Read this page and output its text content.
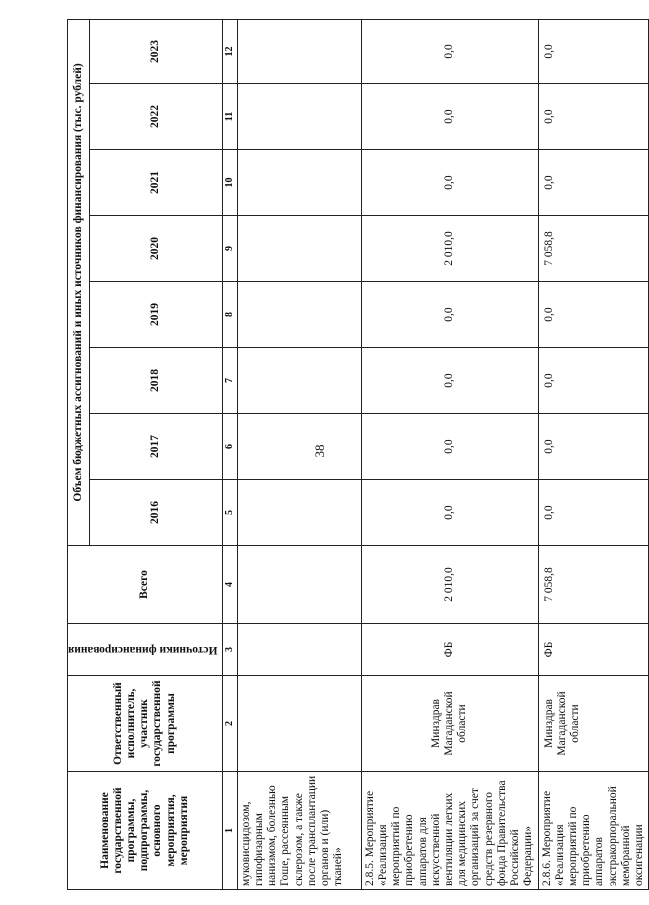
38
Наименование государственной программы, подпрограммы, основного мероприятия, мероприятия	Ответственный исполнитель, участник государственной программы	Источники финансирования	Всего	Объем бюджетных ассигнований и иных источников финансирования (тыс. рублей)							
				2016	2017	2018	2019	2020	2021	2022	2023
1	2	3	4	5	6	7	8	9	10	11	12
муковисцидозом, гипофизарным нанизмом, болезнью Гоше, рассеянным склерозом, а также после трансплантации органов и (или) тканей»											
2.8.5. Мероприятие «Реализация мероприятий по приобретению аппаратов для искусственной вентиляции легких для медицинских организаций за счет средств резервного фонда Правительства Российской Федерации»	Минздрав Магаданской области	ФБ	2 010,0	0,0	0,0	0,0	0,0	2 010,0	0,0	0,0	0,0
2.8.6. Мероприятие «Реализация мероприятий по приобретению аппаратов экстракорпоральной мембранной оксигенации	Минздрав Магаданской области	ФБ	7 058,8	0,0	0,0	0,0	0,0	7 058,8	0,0	0,0	0,0
